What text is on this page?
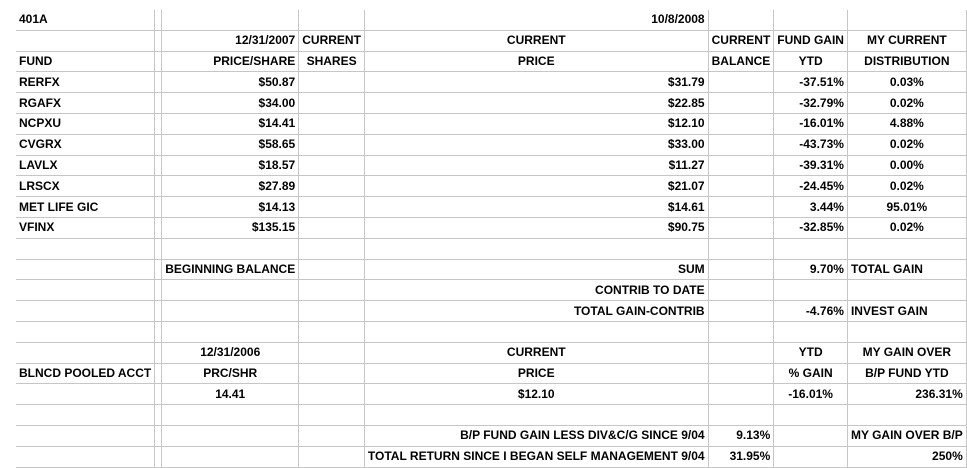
401A				10/8/2008			
		12/31/2007	CURRENT	CURRENT	CURRENT	FUND GAIN	MY CURRENT
FUND		PRICE/SHARE	SHARES	PRICE	BALANCE	YTD	DISTRIBUTION
RERFX		$50.87		$31.79		-37.51%	0.03%
RGAFX		$34.00		$22.85		-32.79%	0.02%
NCPXU		$14.41		$12.10		-16.01%	4.88%
CVGRX		$58.65		$33.00		-43.73%	0.02%
LAVLX		$18.57		$11.27		-39.31%	0.00%
LRSCX		$27.89		$21.07		-24.45%	0.02%
MET LIFE GIC		$14.13		$14.61		3.44%	95.01%
VFINX		$135.15		$90.75		-32.85%	0.02%

		BEGINNING BALANCE		SUM		9.70%	TOTAL GAIN
				CONTRIB TO DATE			
				TOTAL GAIN-CONTRIB		-4.76%	INVEST GAIN

		12/31/2006		CURRENT		YTD	MY GAIN OVER
BLNCD POOLED ACCT		PRC/SHR		PRICE		% GAIN	B/P FUND YTD
		14.41		$12.10		-16.01%	236.31%

				B/P FUND GAIN LESS DIV&C/G SINCE 9/04	9.13%		MY GAIN OVER B/P
				TOTAL RETURN SINCE I BEGAN SELF MANAGEMENT 9/04	31.95%		250%
